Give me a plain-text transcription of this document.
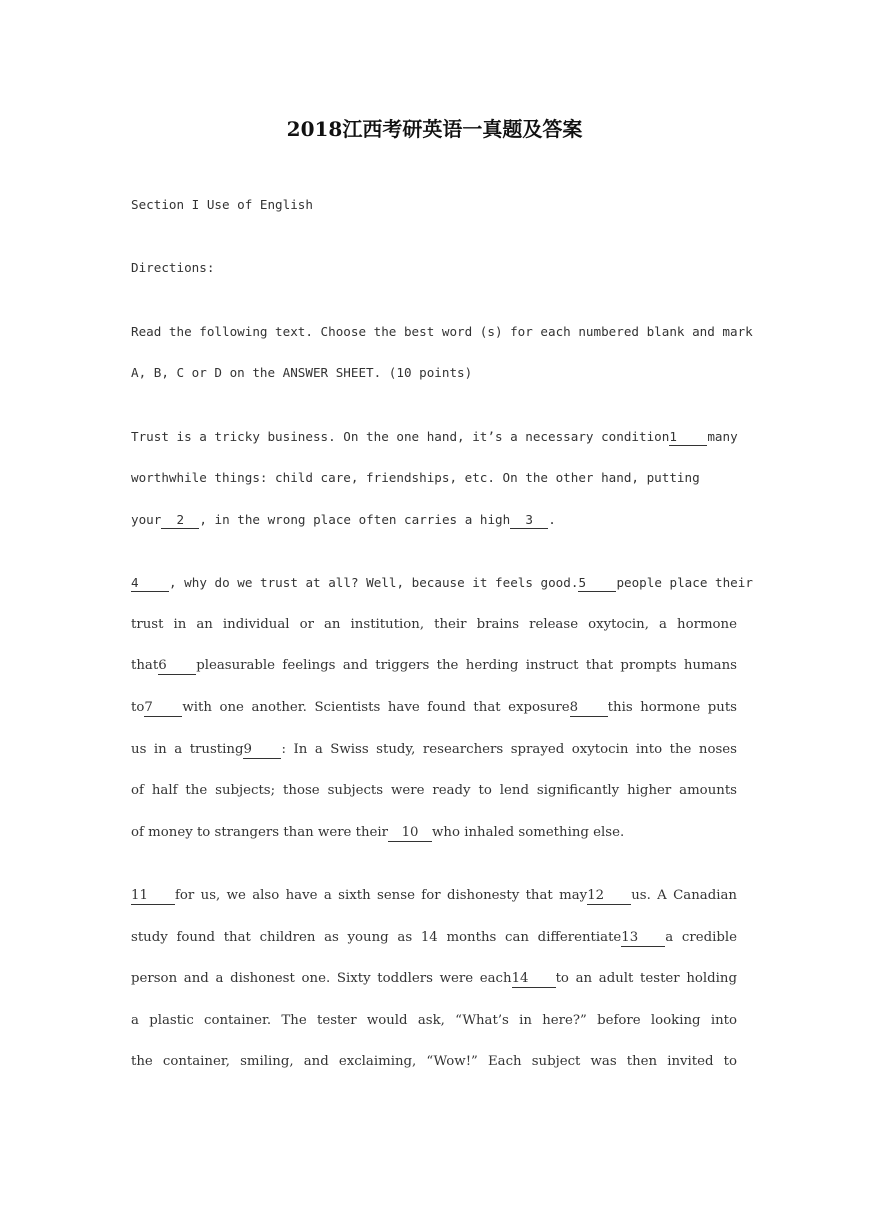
2018江西考研英语一真题及答案
Section I Use of English
Directions:
Read the following text. Choose the best word (s) for each numbered blank and mark
A, B, C or D on the ANSWER SHEET. (10 points)
Trust is a tricky business. On the one hand, it’s a necessary condition1 many
worthwhile things: child care, friendships, etc. On the other hand, putting
your 2 , in the wrong place often carries a high 3 .
4 , why do we trust at all? Well, because it feels good.5 people place their
trust in an individual or an institution, their brains release oxytocin, a hormone
that6 pleasurable feelings and triggers the herding instruct that prompts humans
to7 with one another. Scientists have found that exposure8 this hormone puts
us in a trusting9 : In a Swiss study, researchers sprayed oxytocin into the noses
of half the subjects; those subjects were ready to lend significantly higher amounts
of money to strangers than were their 10 who inhaled something else.
11 for us, we also have a sixth sense for dishonesty that may12 us. A Canadian
study found that children as young as 14 months can differentiate13 a credible
person and a dishonest one. Sixty toddlers were each14 to an adult tester holding
a plastic container. The tester would ask, “What’s in here?” before looking into
the container, smiling, and exclaiming, “Wow!” Each subject was then invited to
